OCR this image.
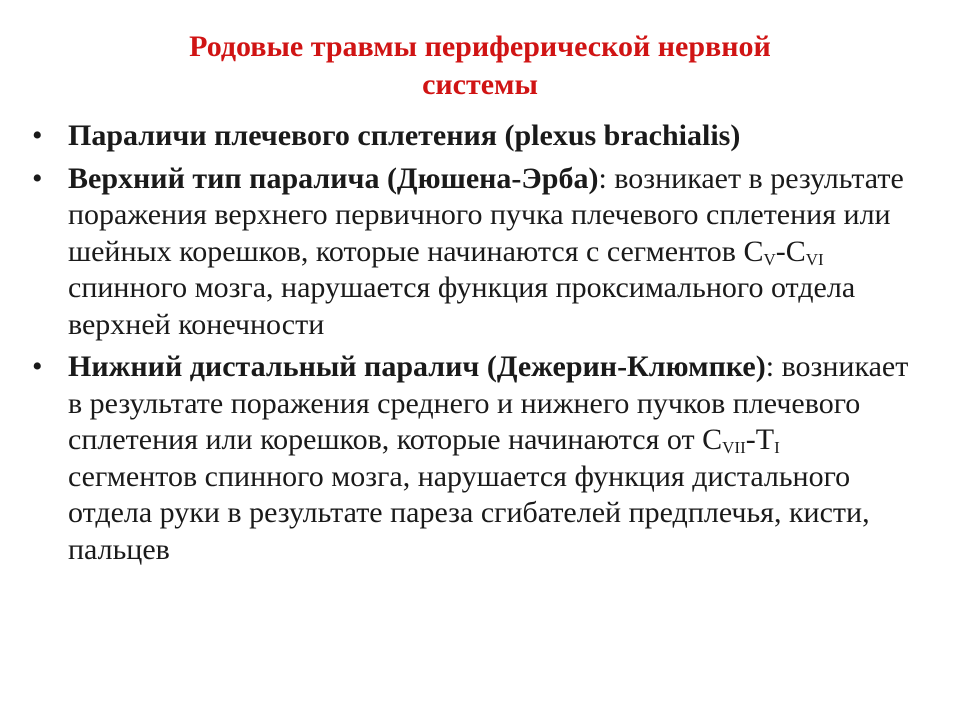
Родовые травмы периферической нервной
системы
• Параличи плечевого сплетения (plexus brachialis)
• Верхний тип паралича (Дюшена-Эрба): возникает в результате поражения верхнего первичного пучка плечевого сплетения или шейных корешков, которые начинаются с сегментов $C_V-C_{VI}$ спинного мозга, нарушается функция проксимального отдела верхней конечности
• Нижний дистальный паралич (Дежерин-Клюмпке): возникает в результате поражения среднего и нижнего пучков плечевого сплетения или корешков, которые начинаются от $C_{VII}-T_I$ сегментов спинного мозга, нарушается функция дистального отдела руки в результате пареза сгибателей предплечья, кисти, пальцев
